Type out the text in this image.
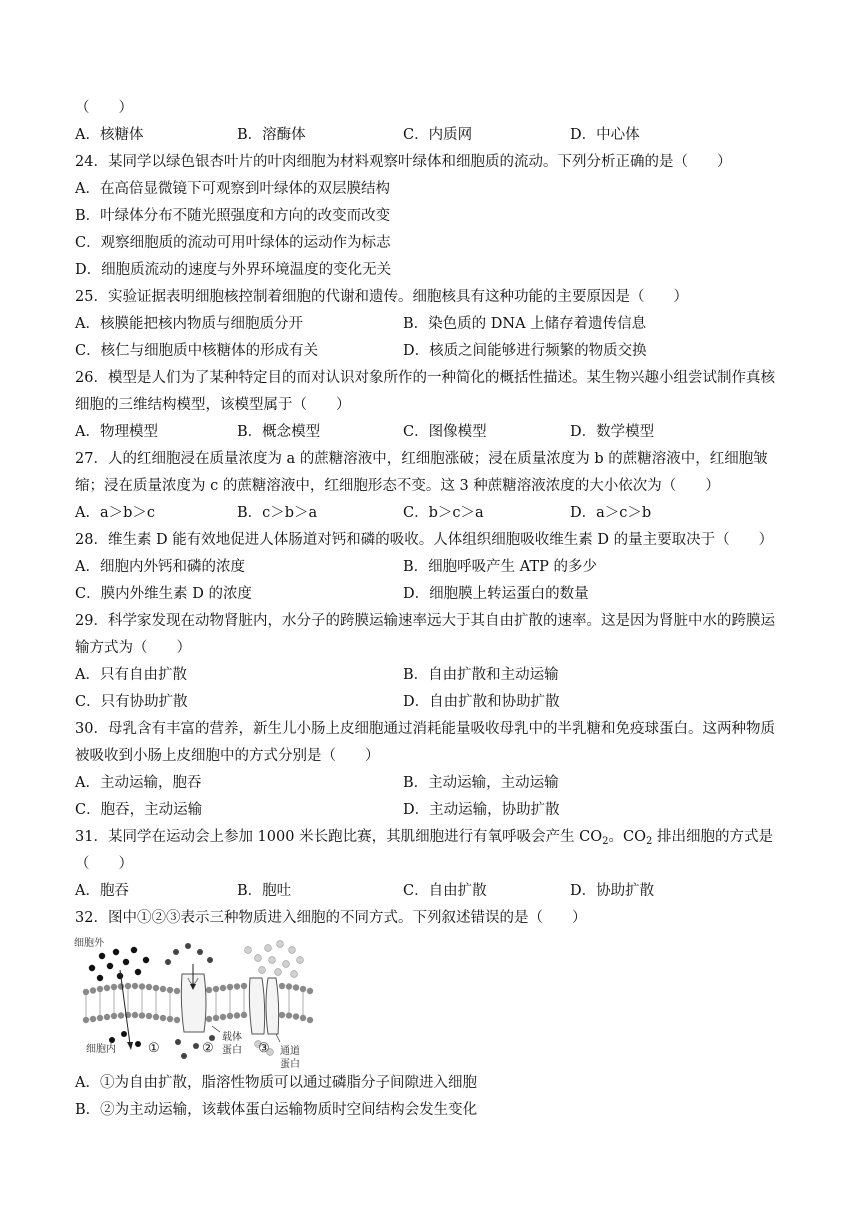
（　　）
A．核糖体	B．溶酶体	C．内质网	D．中心体
24．某同学以绿色银杏叶片的叶肉细胞为材料观察叶绿体和细胞质的流动。下列分析正确的是（　　）
A．在高倍显微镜下可观察到叶绿体的双层膜结构
B．叶绿体分布不随光照强度和方向的改变而改变
C．观察细胞质的流动可用叶绿体的运动作为标志
D．细胞质流动的速度与外界环境温度的变化无关
25．实验证据表明细胞核控制着细胞的代谢和遗传。细胞核具有这种功能的主要原因是（　　）
A．核膜能把核内物质与细胞质分开	B．染色质的 DNA 上储存着遗传信息
C．核仁与细胞质中核糖体的形成有关	D．核质之间能够进行频繁的物质交换
26．模型是人们为了某种特定目的而对认识对象所作的一种简化的概括性描述。某生物兴趣小组尝试制作真核
细胞的三维结构模型，该模型属于（　　）
A．物理模型	B．概念模型	C．图像模型	D．数学模型
27．人的红细胞浸在质量浓度为 a 的蔗糖溶液中，红细胞涨破；浸在质量浓度为 b 的蔗糖溶液中，红细胞皱
缩；浸在质量浓度为 c 的蔗糖溶液中，红细胞形态不变。这 3 种蔗糖溶液浓度的大小依次为（　　）
A．a＞b＞c	B．c＞b＞a	C．b＞c＞a	D．a＞c＞b
28．维生素 D 能有效地促进人体肠道对钙和磷的吸收。人体组织细胞吸收维生素 D 的量主要取决于（　　）
A．细胞内外钙和磷的浓度	B．细胞呼吸产生 ATP 的多少
C．膜内外维生素 D 的浓度	D．细胞膜上转运蛋白的数量
29．科学家发现在动物肾脏内，水分子的跨膜运输速率远大于其自由扩散的速率。这是因为肾脏中水的跨膜运
输方式为（　　）
A．只有自由扩散	B．自由扩散和主动运输
C．只有协助扩散	D．自由扩散和协助扩散
30．母乳含有丰富的营养，新生儿小肠上皮细胞通过消耗能量吸收母乳中的半乳糖和免疫球蛋白。这两种物质
被吸收到小肠上皮细胞中的方式分别是（　　）
A．主动运输，胞吞	B．主动运输，主动运输
C．胞吞，主动运输	D．主动运输，协助扩散
31．某同学在运动会上参加 1000 米长跑比赛，其肌细胞进行有氧呼吸会产生 $CO_2$。$CO_2$ 排出细胞的方式是
（　　）
A．胞吞	B．胞吐	C．自由扩散	D．协助扩散
32．图中①②③表示三种物质进入细胞的不同方式。下列叙述错误的是（　　）
细胞外
细胞内 ①	②	③
载体
蛋白	通道
蛋白
A．①为自由扩散，脂溶性物质可以通过磷脂分子间隙进入细胞
B．②为主动运输，该载体蛋白运输物质时空间结构会发生变化
